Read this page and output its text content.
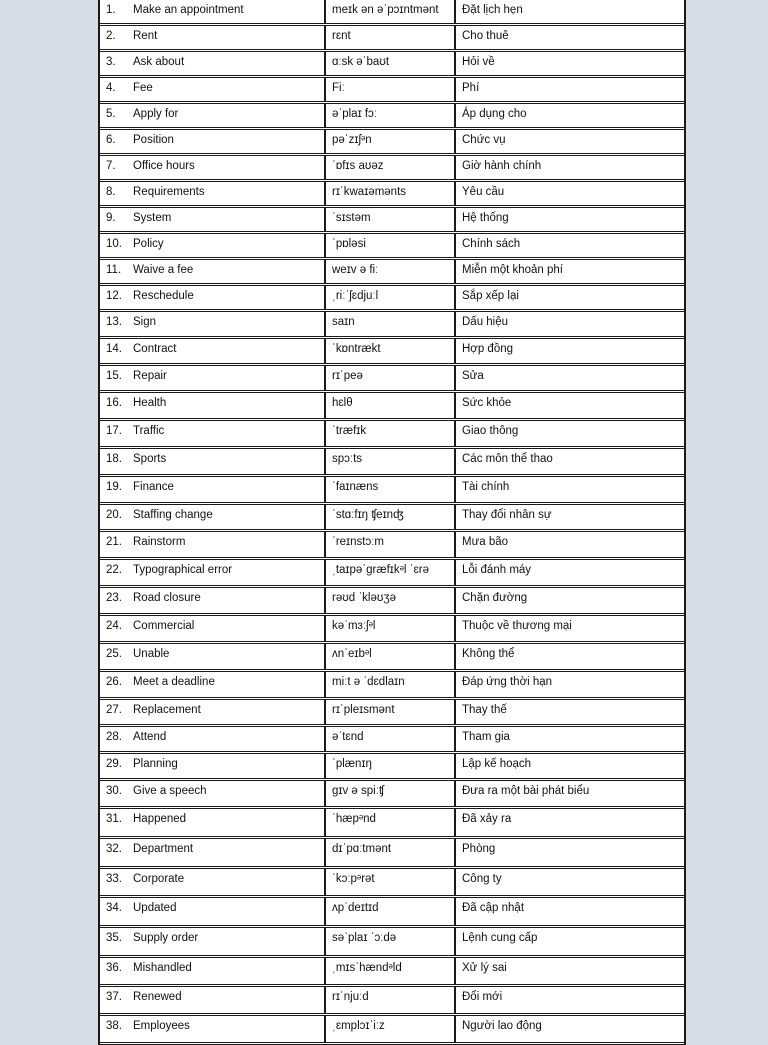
1.	Make an appointment	meɪk ən əˈpɔɪntmənt	Đặt lịch hẹn
2.	Rent	rɛnt	Cho thuê
3.	Ask about	ɑːsk əˈbaʊt	Hỏi về
4.	Fee	Fiː	Phí
5.	Apply for	əˈplaɪ fɔː	Áp dụng cho
6.	Position	pəˈzɪʃᵊn	Chức vụ
7.	Office hours	ˈɒfɪs aʊəz	Giờ hành chính
8.	Requirements	rɪˈkwaɪəmənts	Yêu cầu
9.	System	ˈsɪstəm	Hệ thống
10. Policy	ˈpɒləsi	Chính sách
11.	Waive a fee	weɪv ə fiː	Miễn một khoản phí
12. Reschedule	ˌriːˈʃɛdjuːl	Sắp xếp lại
13. Sign	saɪn	Dấu hiệu
14. Contract	ˈkɒntrækt	Hợp đồng
15. Repair	rɪˈpeə	Sửa
16. Health	hɛlθ	Sức khỏe
17. Traffic	ˈtræfɪk	Giao thông
18. Sports	spɔːts	Các môn thể thao
19. Finance	ˈfaɪnæns	Tài chính
20. Staffing change	ˈstɑːfɪŋ ʧeɪnʤ	Thay đổi nhân sự
21. Rainstorm	ˈreɪnstɔːm	Mưa bão
22. Typographical error	ˌtaɪpəˈgræfɪkᵊl ˈɛrə	Lỗi đánh máy
23. Road closure	rəʊd ˈkləʊʒə	Chặn đường
24. Commercial	kəˈmɜːʃᵊl	Thuộc về thương mại
25. Unable	ʌnˈeɪbᵊl	Không thể
26. Meet a deadline	miːt ə ˈdɛdlaɪn	Đáp ứng thời hạn
27. Replacement	rɪˈpleɪsmənt	Thay thế
28. Attend	əˈtɛnd	Tham gia
29. Planning	ˈplænɪŋ	Lập kế hoạch
30. Give a speech	gɪv ə spiːʧ	Đưa ra một bài phát biểu
31. Happened	ˈhæpᵊnd	Đã xảy ra
32. Department	dɪˈpɑːtmənt	Phòng
33. Corporate	ˈkɔːpᵊrət	Công ty
34. Updated	ʌpˈdeɪtɪd	Đã cập nhật
35. Supply order	səˈplaɪ ˈɔːdə	Lệnh cung cấp
36. Mishandled	ˌmɪsˈhændᵊld	Xử lý sai
37. Renewed	rɪˈnjuːd	Đổi mới
38. Employees	ˌɛmplɔɪˈiːz	Người lao động
